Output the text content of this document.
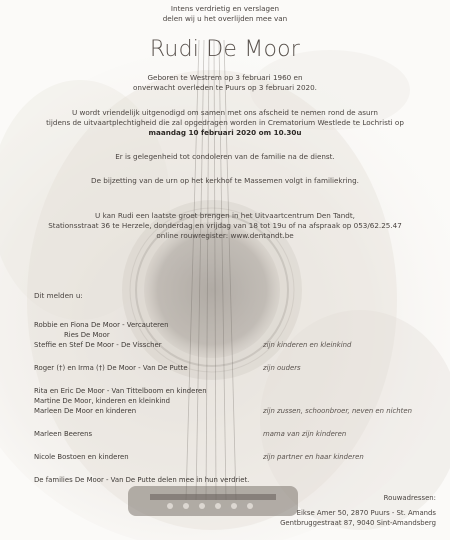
Intens verdrietig en verslagen
delen wij u het overlijden mee van
Rudi De Moor
Geboren te Westrem op 3 februari 1960 en
onverwacht overleden te Puurs op 3 februari 2020.
U wordt vriendelijk uitgenodigd om samen met ons afscheid te nemen rond de asurn
tijdens de uitvaartplechtigheid die zal opgedragen worden in Crematorium Westlede te Lochristi op
maandag 10 februari 2020 om 10.30u
Er is gelegenheid tot condoleren van de familie na de dienst.
De bijzetting van de urn op het kerkhof te Massemen volgt in familiekring.
U kan Rudi een laatste groet brengen in het Uitvaartcentrum Den Tandt,
Stationsstraat 36 te Herzele, donderdag en vrijdag van 18 tot 19u of na afspraak op 053/62.25.47
online rouwregister: www.dentandt.be
Dit melden u:
Robbie en Fiona De Moor - Vercauteren
Ries De Moor
Steffie en Stef De Moor - De Visscher	zijn kinderen en kleinkind
Roger (†) en Irma (†) De Moor - Van De Putte	zijn ouders
Rita en Eric De Moor - Van Tittelboom en kinderen
Martine De Moor, kinderen en kleinkind
Marleen De Moor en kinderen	zijn zussen, schoonbroer, neven en nichten
Marleen Beerens	mama van zijn kinderen
Nicole Bostoen en kinderen	zijn partner en haar kinderen
De families De Moor - Van De Putte delen mee in hun verdriet.
Rouwadressen:
Eikse Amer 50, 2870 Puurs - St. Amands
Gentbruggestraat 87, 9040 Sint-Amandsberg
